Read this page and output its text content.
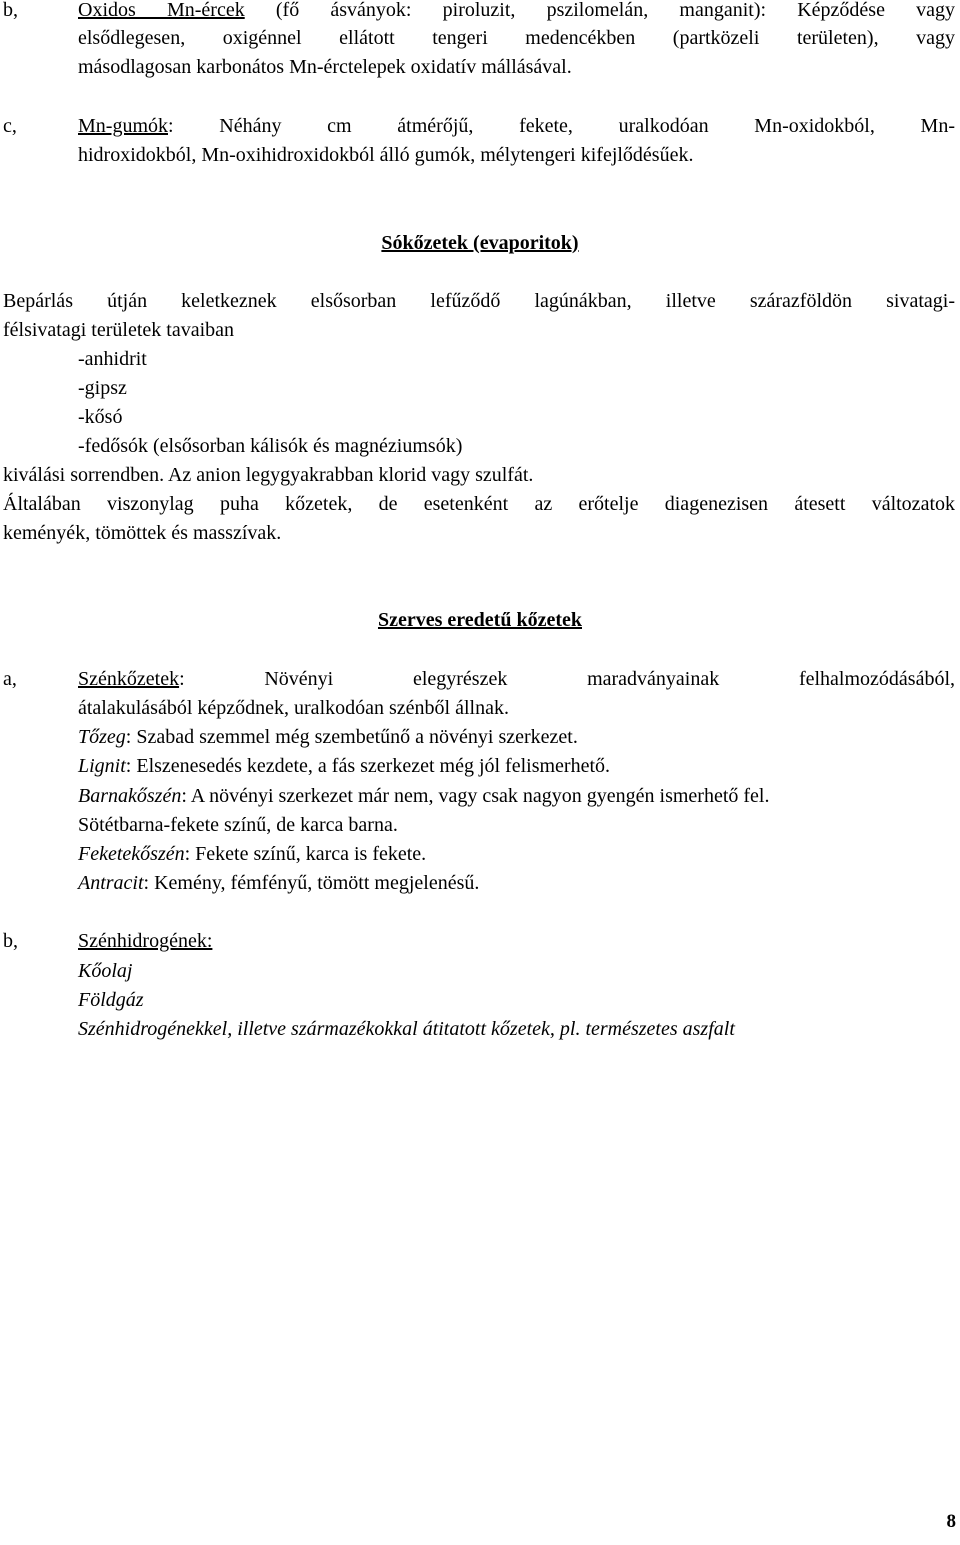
b,	Oxidos Mn-ércek (fő ásványok: piroluzit, pszilomelán, manganit): Képződése vagy
elsődlegesen, oxigénnel ellátott tengeri medencékben (partközeli területen), vagy
másodlagosan karbonátos Mn-érctelepek oxidatív mállásával.
c,	Mn-gumók: Néhány cm átmérőjű, fekete, uralkodóan Mn-oxidokból, Mn-
hidroxidokból, Mn-oxihidroxidokból álló gumók, mélytengeri kifejlődésűek.
Sókőzetek (evaporitok)
Bepárlás útján keletkeznek elsősorban lefűződő lagúnákban, illetve szárazföldön sivatagi-
félsivatagi területek tavaiban
-anhidrit
-gipsz
-kősó
-fedősók (elsősorban kálisók és magnéziumsók)
kiválási sorrendben. Az anion legygyakrabban klorid vagy szulfát.
Általában viszonylag puha kőzetek, de esetenként az erőtelje diagenezisen átesett változatok
keményék, tömöttek és masszívak.
Szerves eredetű kőzetek
a,	Szénkőzetek: Növényi elegyrészek maradványainak felhalmozódásából,
átalakulásából képződnek, uralkodóan szénből állnak.
Tőzeg: Szabad szemmel még szembetűnő a növényi szerkezet.
Lignit: Elszenesedés kezdete, a fás szerkezet még jól felismerhető.
Barnakőszén: A növényi szerkezet már nem, vagy csak nagyon gyengén ismerhető fel.
Sötétbarna-fekete színű, de karca barna.
Feketekőszén: Fekete színű, karca is fekete.
Antracit: Kemény, fémfényű, tömött megjelenésű.
b,	Szénhidrogének:
Kőolaj
Földgáz
Szénhidrogénekkel, illetve származékokkal átitatott kőzetek, pl. természetes aszfalt
8
